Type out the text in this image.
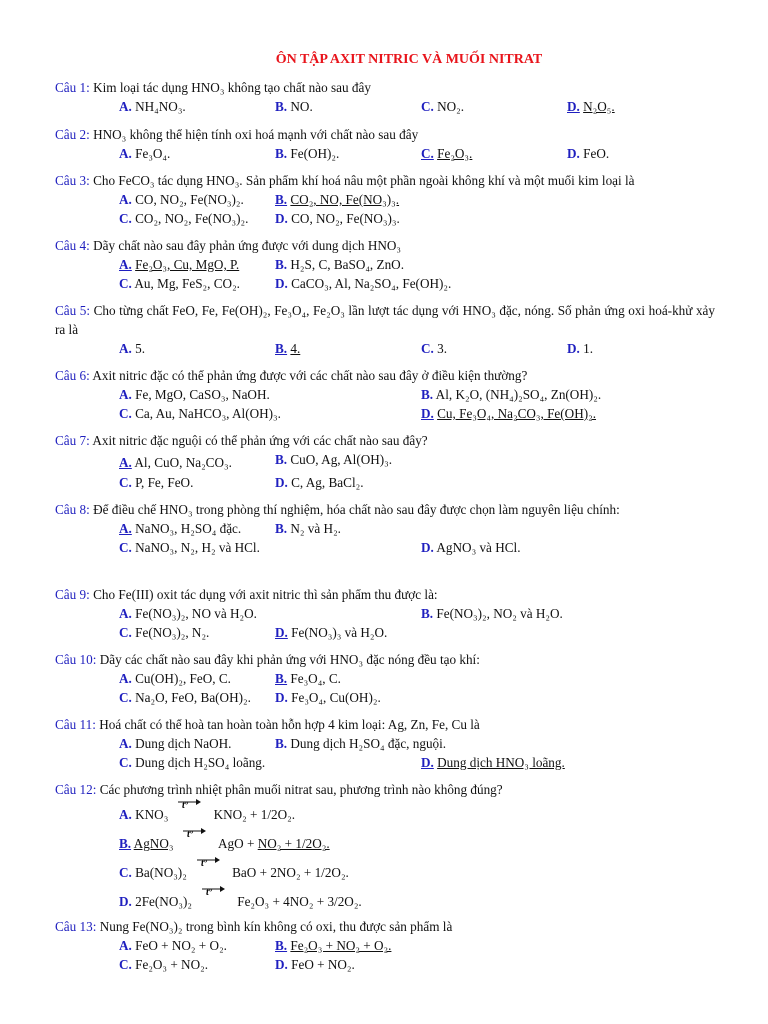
ÔN TẬP AXIT NITRIC VÀ MUỐI NITRAT
Câu 1: Kim loại tác dụng HNO₃ không tạo chất nào sau đây
A. NH₄NO₃.	B. NO.	C. NO₂.	D. N₂O₅.
Câu 2: HNO₃ không thể hiện tính oxi hoá mạnh với chất nào sau đây
A. Fe₃O₄.	B. Fe(OH)₂.	C. Fe₂O₃.	D. FeO.
Câu 3: Cho FeCO₃ tác dụng HNO₃. Sản phẩm khí hoá nâu một phần ngoài không khí và một muối kim loại là
A. CO, NO₂, Fe(NO₃)₂. B. CO₂, NO, Fe(NO₃)₃.
C. CO₂, NO₂, Fe(NO₃)₂. D. CO, NO₂, Fe(NO₃)₃.
Câu 4: Dãy chất nào sau đây phản ứng được với dung dịch HNO₃
A. Fe₂O₃, Cu, MgO, P.	B. H₂S, C, BaSO₄, ZnO.
C. Au, Mg, FeS₂, CO₂.	D. CaCO₃, Al, Na₂SO₄, Fe(OH)₂.
Câu 5: Cho từng chất FeO, Fe, Fe(OH)₂, Fe₃O₄, Fe₂O₃ lần lượt tác dụng với HNO₃ đặc, nóng. Số phản ứng oxi hoá-khử xảy ra là
A. 5.	B. 4.	C. 3.	D. 1.
Câu 6: Axit nitric đặc có thể phản ứng được với các chất nào sau đây ở điều kiện thường?
A. Fe, MgO, CaSO₃, NaOH.	B. Al, K₂O, (NH₄)₂SO₄, Zn(OH)₂.
C. Ca, Au, NaHCO₃, Al(OH)₃.	D. Cu, Fe₃O₄, Na₂CO₃, Fe(OH)₂.
Câu 7: Axit nitric đặc nguội có thể phản ứng với các chất nào sau đây?
A. Al, CuO, Na₂CO₃.	B. CuO, Ag, Al(OH)₃.
C. P, Fe, FeO.	D. C, Ag, BaCl₂.
Câu 8: Để điều chế HNO₃ trong phòng thí nghiệm, hóa chất nào sau đây được chọn làm nguyên liệu chính:
A. NaNO₃, H₂SO₄ đặc.	B. N₂ và H₂.
C. NaNO₃, N₂, H₂ và HCl.	D. AgNO₃ và HCl.
Câu 9: Cho Fe(III) oxit tác dụng với axit nitric thì sản phẩm thu được là:
A. Fe(NO₃)₂, NO và H₂O.	B. Fe(NO₃)₂, NO₂ và H₂O.
C. Fe(NO₃)₂, N₂.	D. Fe(NO₃)₃ và H₂O.
Câu 10: Dãy các chất nào sau đây khi phản ứng với HNO₃ đặc nóng đều tạo khí:
A. Cu(OH)₂, FeO, C.	B. Fe₃O₄, C.
C. Na₂O, FeO, Ba(OH)₂. D. Fe₃O₄, Cu(OH)₂.
Câu 11: Hoá chất có thể hoà tan hoàn toàn hỗn hợp 4 kim loại: Ag, Zn, Fe, Cu là
A. Dung dịch NaOH.	B. Dung dịch H₂SO₄ đặc, nguội.
C. Dung dịch H₂SO₄ loãng.	D. Dung dịch HNO₃ loãng.
Câu 12: Các phương trình nhiệt phân muối nitrat sau, phương trình nào không đúng?
A. KNO₃
tº
KNO₂ + 1/2O₂.
B. AgNO₃
tº
AgO + NO₂ + 1/2O₂.
C. Ba(NO₃)₂
tº
BaO + 2NO₂ + 1/2O₂.
D. 2Fe(NO₃)₂
tº
Fe₂O₃ + 4NO₂ + 3/2O₂.
Câu 13: Nung Fe(NO₃)₂ trong bình kín không có oxi, thu được sản phẩm là
A. FeO + NO₂ + O₂.	B. Fe₂O₃ + NO₂ + O₂.
C. Fe₂O₃ + NO₂.	D. FeO + NO₂.
